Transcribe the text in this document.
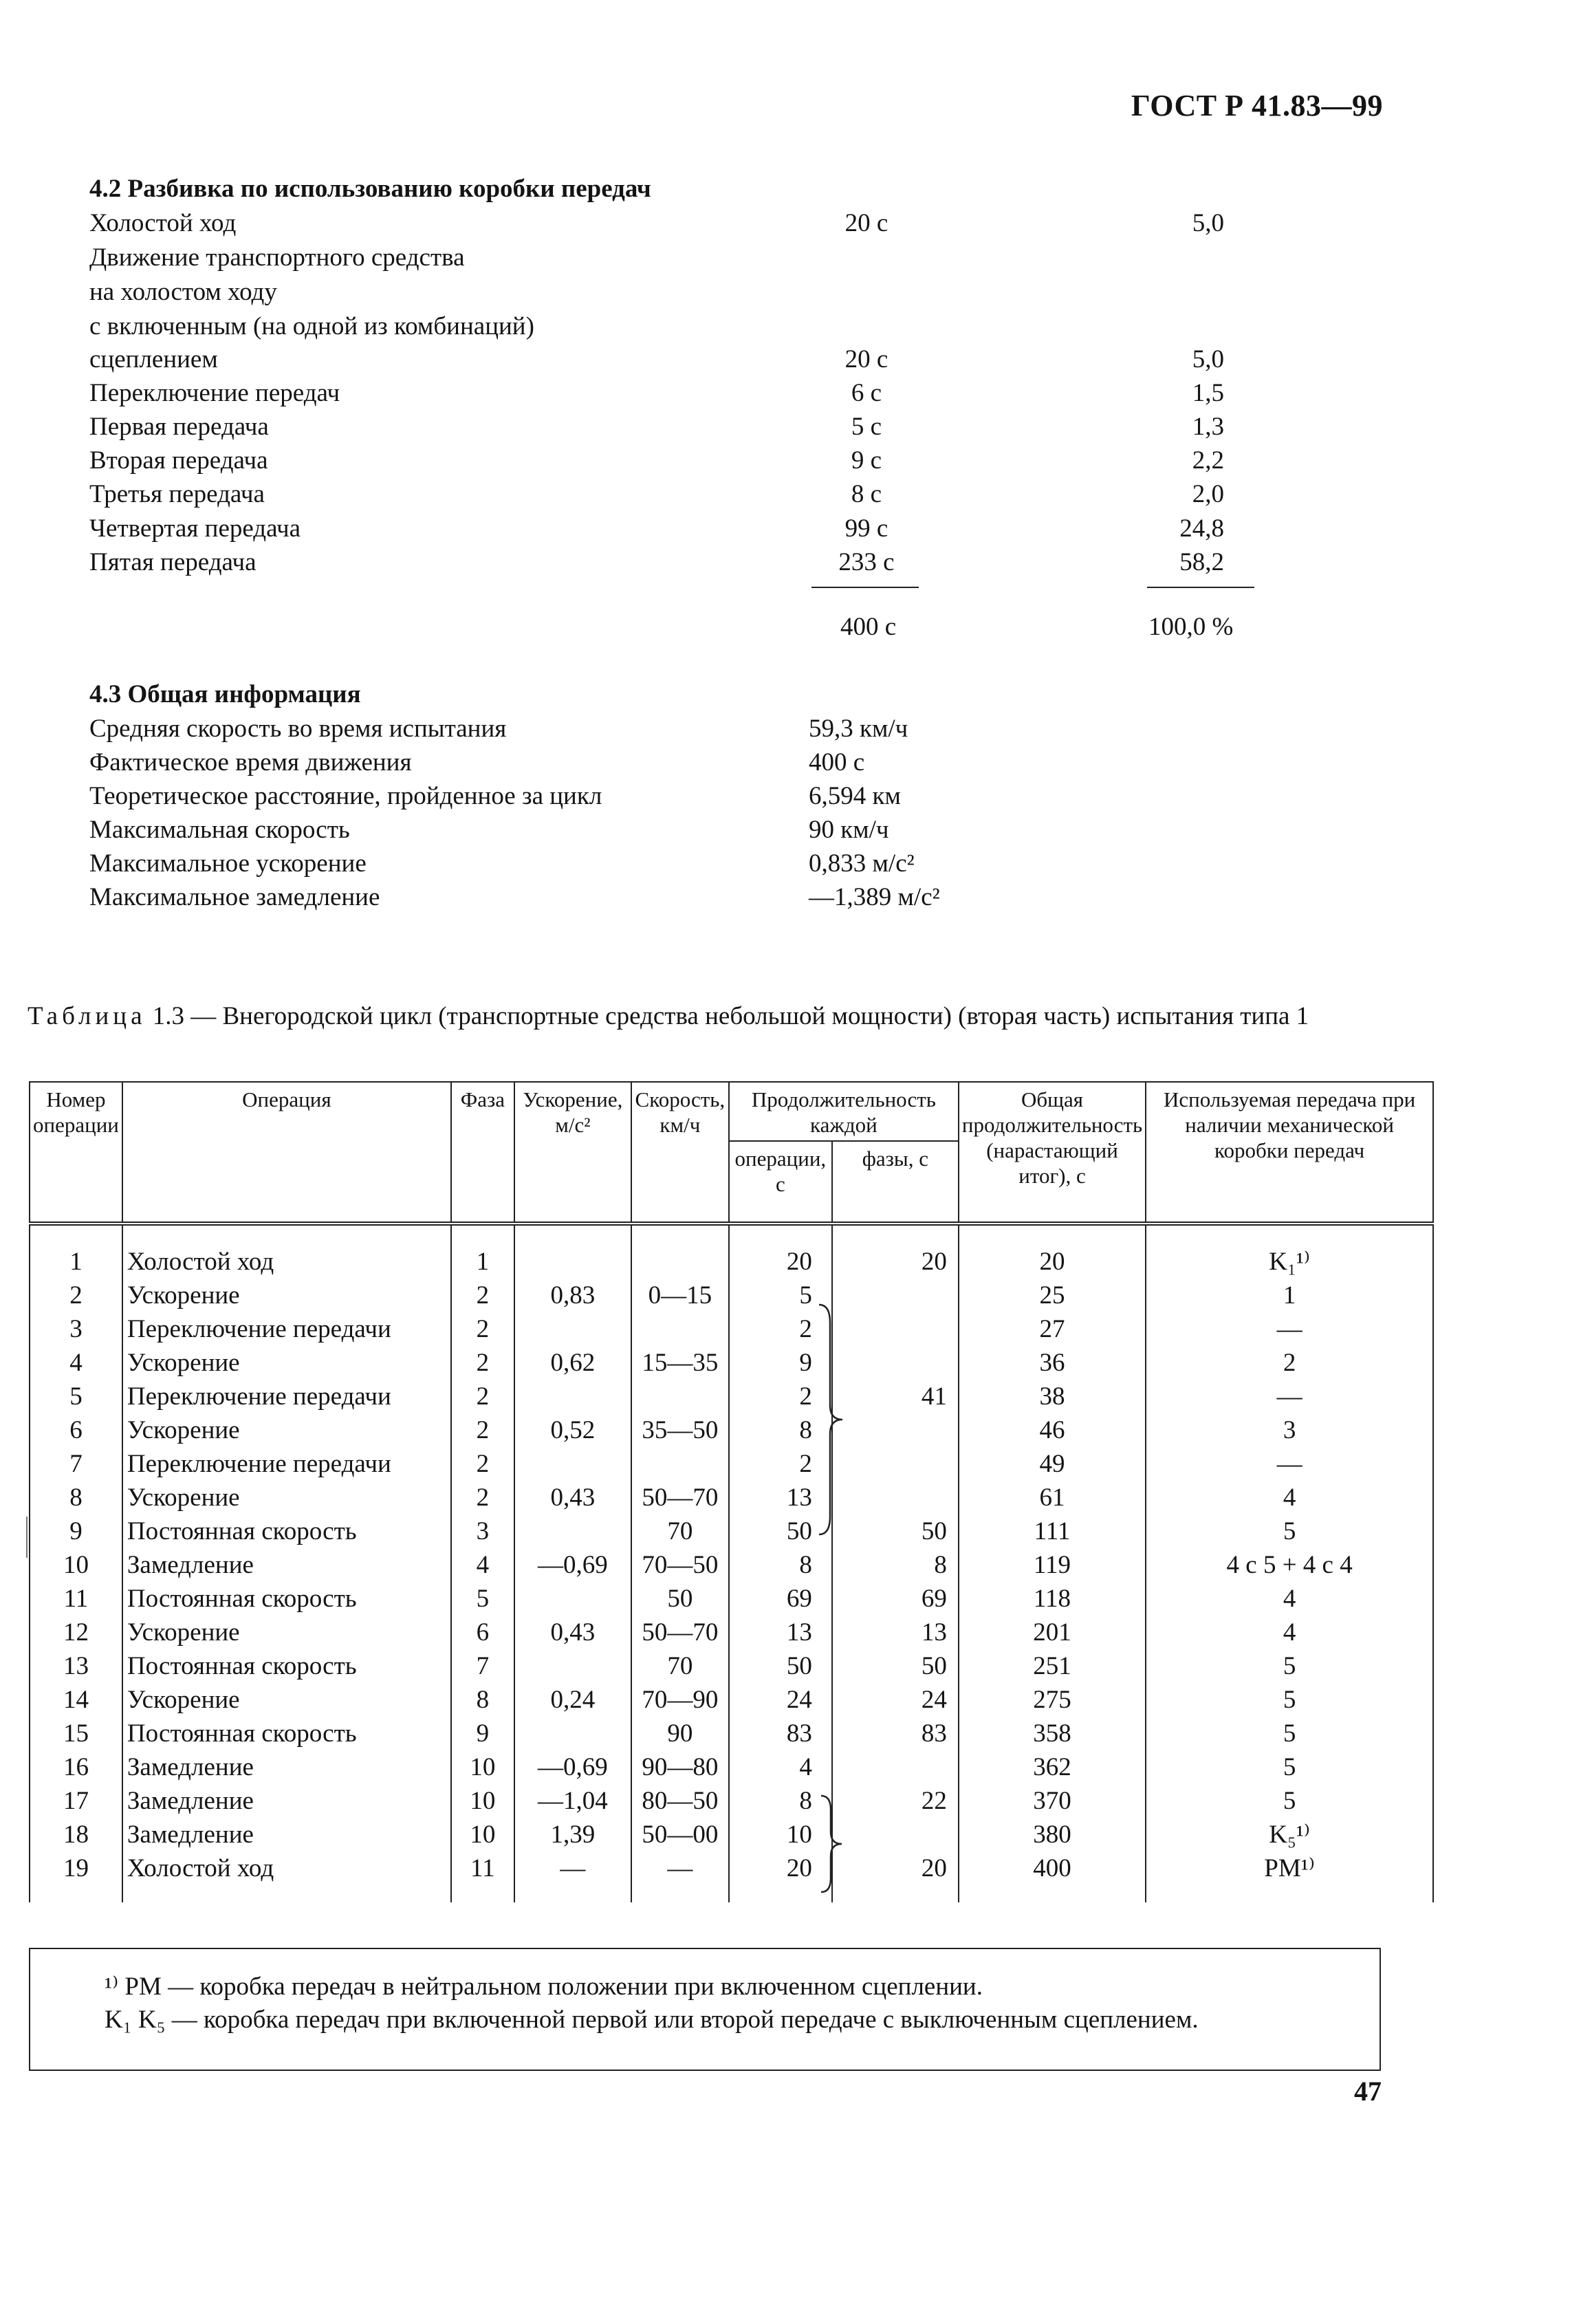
ГОСТ Р 41.83—99
4.2 Разбивка по использованию коробки передач
Холостой ход	20 с	5,0
Движение транспортного средства
на холостом ходу
с включенным (на одной из комбинаций)
сцеплением	20 с	5,0
Переключение передач	6 с	1,5
Первая передача	5 с	1,3
Вторая передача	9 с	2,2
Третья передача	8 с	2,0
Четвертая передача	99 с	24,8
Пятая передача	233 с	58,2
400 с	100,0 %
4.3 Общая информация
Средняя скорость во время испытания	59,3 км/ч
Фактическое время движения	400 с
Теоретическое расстояние, пройденное за цикл	6,594 км
Максимальная скорость	90 км/ч
Максимальное ускорение	0,833 м/с²
Максимальное замедление	—1,389 м/с²
Таблица 1.3 — Внегородской цикл (транспортные средства небольшой мощности) (вторая часть) испытания типа 1
Номер операции	Операция	Фаза	Ускорение, м/с²	Скорость, км/ч	Продолжительность каждой		Общая продолжительность (нарастающий итог), с	Используемая передача при наличии механической коробки передач
					операции, с	фазы, с		

1	Холостой ход	1			20	20	20	K₁¹⁾
2	Ускорение	2	0,83	0—15	5		25	1
3	Переключение передачи	2			2		27	—
4	Ускорение	2	0,62	15—35	9		36	2
5	Переключение передачи	2			2	41	38	—
6	Ускорение	2	0,52	35—50	8		46	3
7	Переключение передачи	2			2		49	—
8	Ускорение	2	0,43	50—70	13		61	4
9	Постоянная скорость	3		70	50	50	111	5
10	Замедление	4	—0,69	70—50	8	8	119	4 с 5 + 4 с 4
11	Постоянная скорость	5		50	69	69	118	4
12	Ускорение	6	0,43	50—70	13	13	201	4
13	Постоянная скорость	7		70	50	50	251	5
14	Ускорение	8	0,24	70—90	24	24	275	5
15	Постоянная скорость	9		90	83	83	358	5
16	Замедление	10	—0,69	90—80	4		362	5
17	Замедление	10	—1,04	80—50	8	22	370	5
18	Замедление	10	1,39	50—00	10		380	K₅¹⁾
19	Холостой ход	11	—	—	20	20	400	PM¹⁾
¹⁾ PM — коробка передач в нейтральном положении при включенном сцеплении.
K₁ K₅ — коробка передач при включенной первой или второй передаче с выключенным сцеплением.
47
